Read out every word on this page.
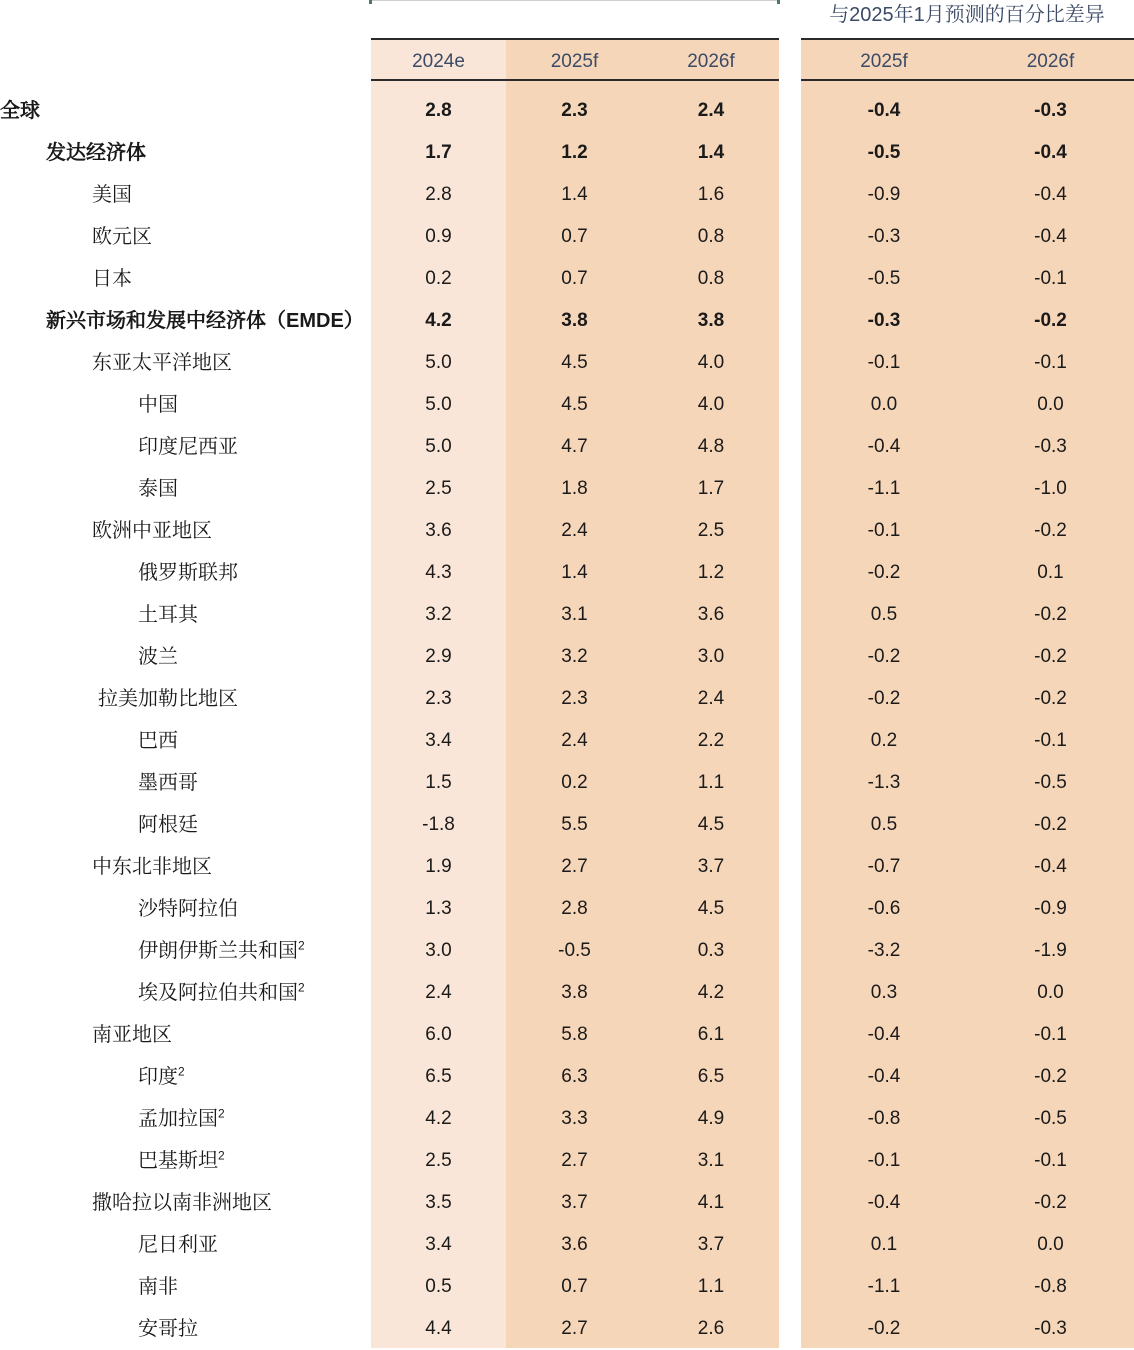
与2025年1月预测的百分比差异
2024e	2025f	2026f	2025f	2026f
全球	2.8	2.3	2.4	-0.4	-0.3
发达经济体	1.7	1.2	1.4	-0.5	-0.4
美国	2.8	1.4	1.6	-0.9	-0.4
欧元区	0.9	0.7	0.8	-0.3	-0.4
日本	0.2	0.7	0.8	-0.5	-0.1
新兴市场和发展中经济体（EMDE）	4.2	3.8	3.8	-0.3	-0.2
东亚太平洋地区	5.0	4.5	4.0	-0.1	-0.1
中国	5.0	4.5	4.0	0.0	0.0
印度尼西亚	5.0	4.7	4.8	-0.4	-0.3
泰国	2.5	1.8	1.7	-1.1	-1.0
欧洲中亚地区	3.6	2.4	2.5	-0.1	-0.2
俄罗斯联邦	4.3	1.4	1.2	-0.2	0.1
土耳其	3.2	3.1	3.6	0.5	-0.2
波兰	2.9	3.2	3.0	-0.2	-0.2
拉美加勒比地区	2.3	2.3	2.4	-0.2	-0.2
巴西	3.4	2.4	2.2	0.2	-0.1
墨西哥	1.5	0.2	1.1	-1.3	-0.5
阿根廷	-1.8	5.5	4.5	0.5	-0.2
中东北非地区	1.9	2.7	3.7	-0.7	-0.4
沙特阿拉伯	1.3	2.8	4.5	-0.6	-0.9
伊朗伊斯兰共和国$^2$	3.0	-0.5	0.3	-3.2	-1.9
埃及阿拉伯共和国$^2$	2.4	3.8	4.2	0.3	0.0
南亚地区	6.0	5.8	6.1	-0.4	-0.1
印度$^2$	6.5	6.3	6.5	-0.4	-0.2
孟加拉国$^2$	4.2	3.3	4.9	-0.8	-0.5
巴基斯坦$^2$	2.5	2.7	3.1	-0.1	-0.1
撒哈拉以南非洲地区	3.5	3.7	4.1	-0.4	-0.2
尼日利亚	3.4	3.6	3.7	0.1	0.0
南非	0.5	0.7	1.1	-1.1	-0.8
安哥拉	4.4	2.7	2.6	-0.2	-0.3
